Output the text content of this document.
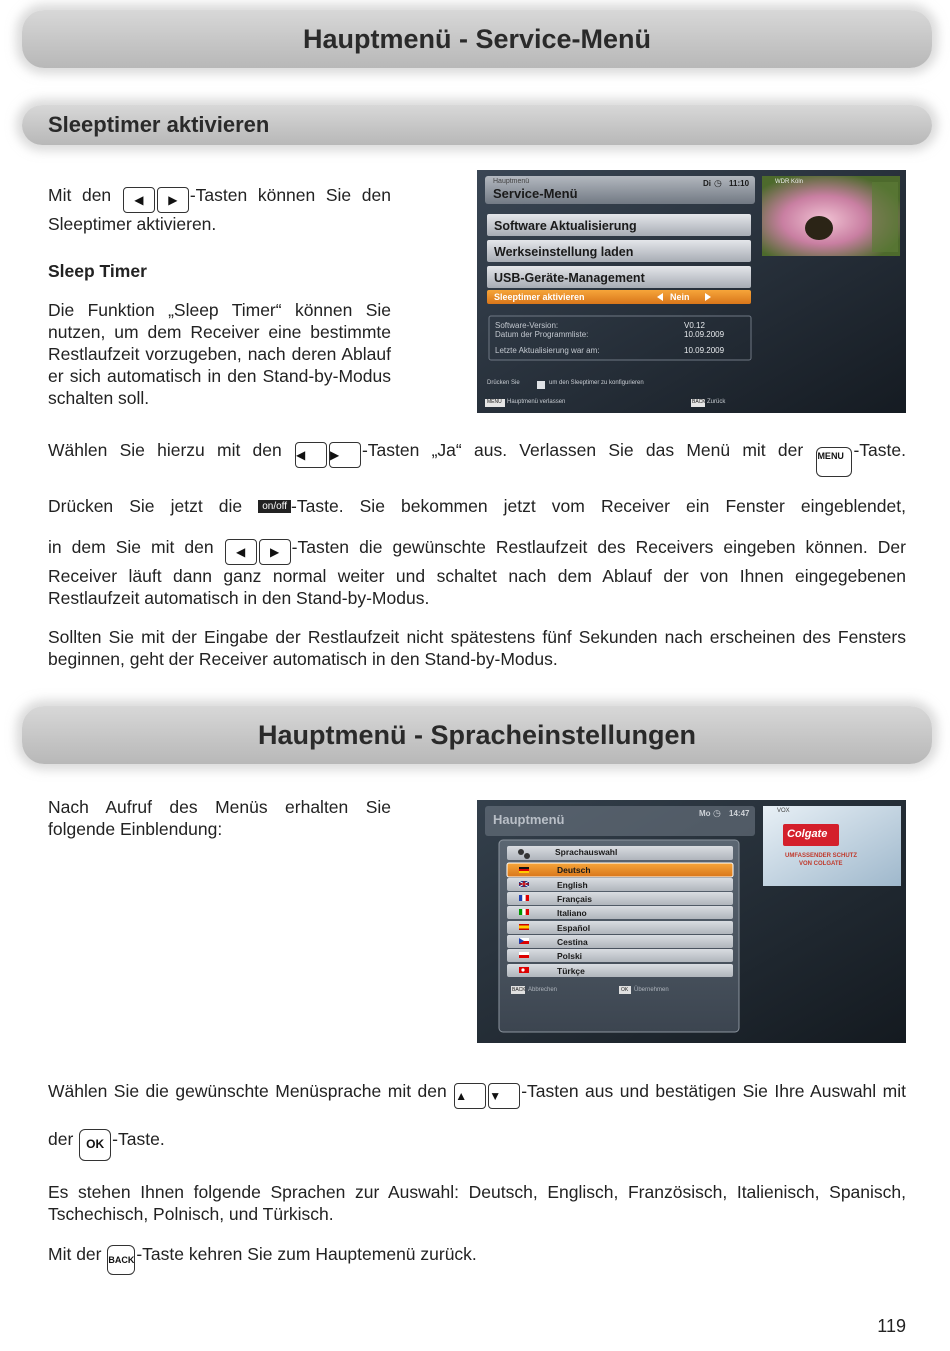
Hauptmenü - Service-Menü
Sleeptimer aktivieren

Mit den ◀ ▶ -Tasten können Sie den Sleeptimer aktivieren.

Sleep Timer

Die Funktion „Sleep Timer“ können Sie nutzen, um dem Receiver eine bestimmte Restlaufzeit vorzugeben, nach deren Ablauf er sich automatisch in den Stand-by-Modus schalten soll.

Hauptmenü
Service-Menü
Di ◷ 11:10	WDR Köln
Software Aktualisierung
Werkseinstellung laden
USB-Geräte-Management
Sleeptimer aktivieren	Nein
Software-Version:	V0.12
Datum der Programmliste:	10.09.2009
Letzte Aktualisierung war am:	10.09.2009
Drücken Sie	um den Sleeptimer zu konfigurieren
MENU Hauptmenü verlassen	BACK Zurück

Wählen Sie hierzu mit den ◀ ▶ -Tasten „Ja“ aus. Verlassen Sie das Menü mit der MENU -Taste.

Drücken Sie jetzt die on/off -Taste. Sie bekommen jetzt vom Receiver ein Fenster eingeblendet,

in dem Sie mit den ◀ ▶ -Tasten die gewünschte Restlaufzeit des Receivers eingeben können. Der Receiver läuft dann ganz normal weiter und schaltet nach dem Ablauf der von Ihnen eingegebenen Restlaufzeit automatisch in den Stand-by-Modus.

Sollten Sie mit der Eingabe der Restlaufzeit nicht spätestens fünf Sekunden nach erscheinen des Fensters beginnen, geht der Receiver automatisch in den Stand-by-Modus.

Hauptmenü - Spracheinstellungen

Nach Aufruf des Menüs erhalten Sie folgende Einblendung:	Hauptmenü	Mo ◷ 14:47	VOX
Colgate
UMFASSENDER SCHUTZ
VON COLGATE
Sprachauswahl
Deutsch
English
Français
Italiano
Español
Cestina
Polski
Türkçe
BACK Abbrechen	OK Übernehmen

Wählen Sie die gewünschte Menüsprache mit den ▲ ▼ -Tasten aus und bestätigen Sie Ihre Auswahl mit

der OK -Taste.

Es stehen Ihnen folgende Sprachen zur Auswahl: Deutsch, Englisch, Französisch, Italienisch, Spanisch, Tschechisch, Polnisch, und Türkisch.

Mit der BACK -Taste kehren Sie zum Hauptemenü zurück.

119
